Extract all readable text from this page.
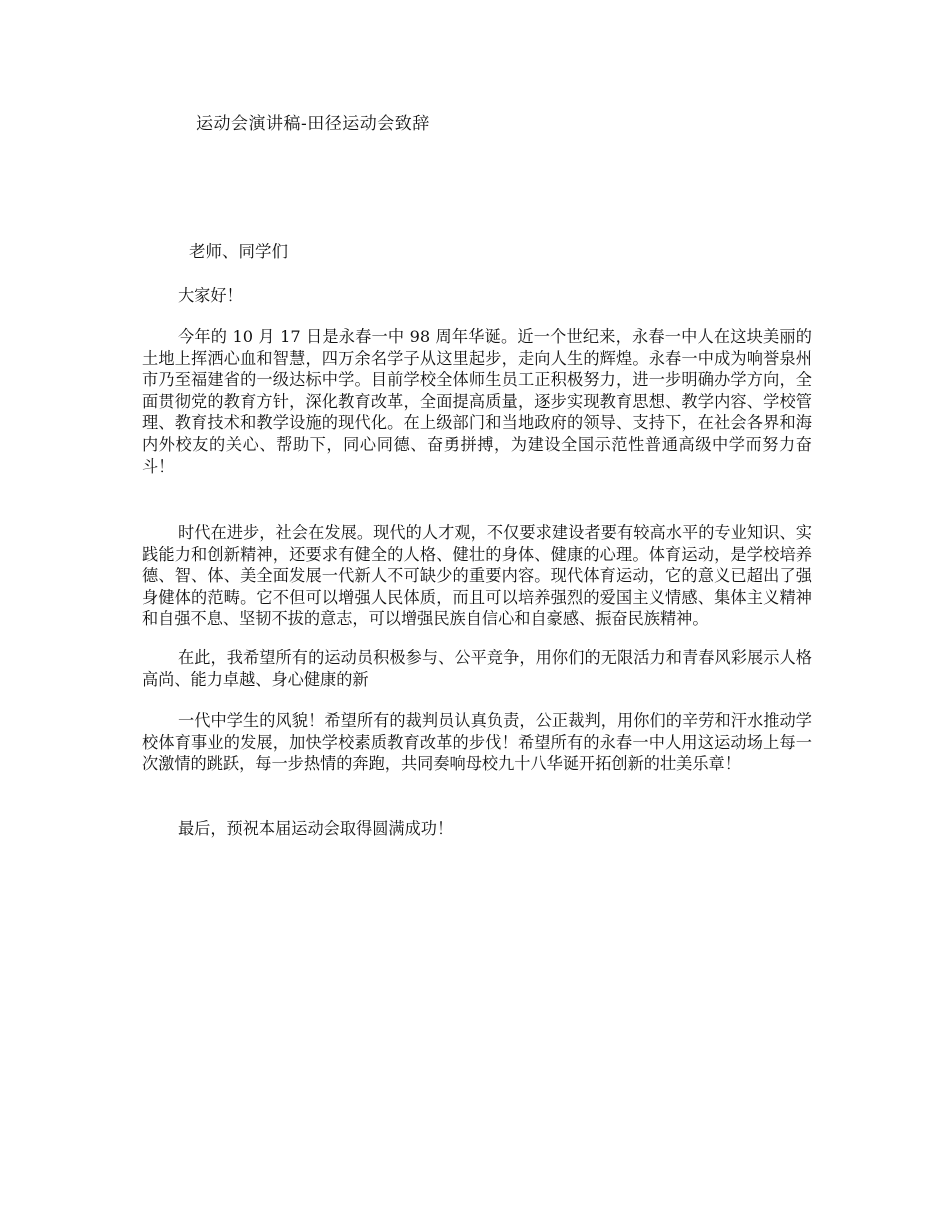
运动会演讲稿-田径运动会致辞
老师、同学们

大家好！

今年的 10 月 17 日是永春一中 98 周年华诞。近一个世纪来，永春一中人在这块美丽的土地上挥洒心血和智慧，四万余名学子从这里起步，走向人生的辉煌。永春一中成为响誉泉州市乃至福建省的一级达标中学。目前学校全体师生员工正积极努力，进一步明确办学方向，全面贯彻党的教育方针，深化教育改革，全面提高质量，逐步实现教育思想、教学内容、学校管理、教育技术和教学设施的现代化。在上级部门和当地政府的领导、支持下，在社会各界和海内外校友的关心、帮助下，同心同德、奋勇拼搏，为建设全国示范性普通高级中学而努力奋斗！

时代在进步，社会在发展。现代的人才观，不仅要求建设者要有较高水平的专业知识、实践能力和创新精神，还要求有健全的人格、健壮的身体、健康的心理。体育运动，是学校培养德、智、体、美全面发展一代新人不可缺少的重要内容。现代体育运动，它的意义已超出了强身健体的范畴。它不但可以增强人民体质，而且可以培养强烈的爱国主义情感、集体主义精神和自强不息、坚韧不拔的意志，可以增强民族自信心和自豪感、振奋民族精神。

在此，我希望所有的运动员积极参与、公平竞争，用你们的无限活力和青春风彩展示人格高尚、能力卓越、身心健康的新

一代中学生的风貌！希望所有的裁判员认真负责，公正裁判，用你们的辛劳和汗水推动学校体育事业的发展，加快学校素质教育改革的步伐！希望所有的永春一中人用这运动场上每一次激情的跳跃，每一步热情的奔跑，共同奏响母校九十八华诞开拓创新的壮美乐章！

最后，预祝本届运动会取得圆满成功！
